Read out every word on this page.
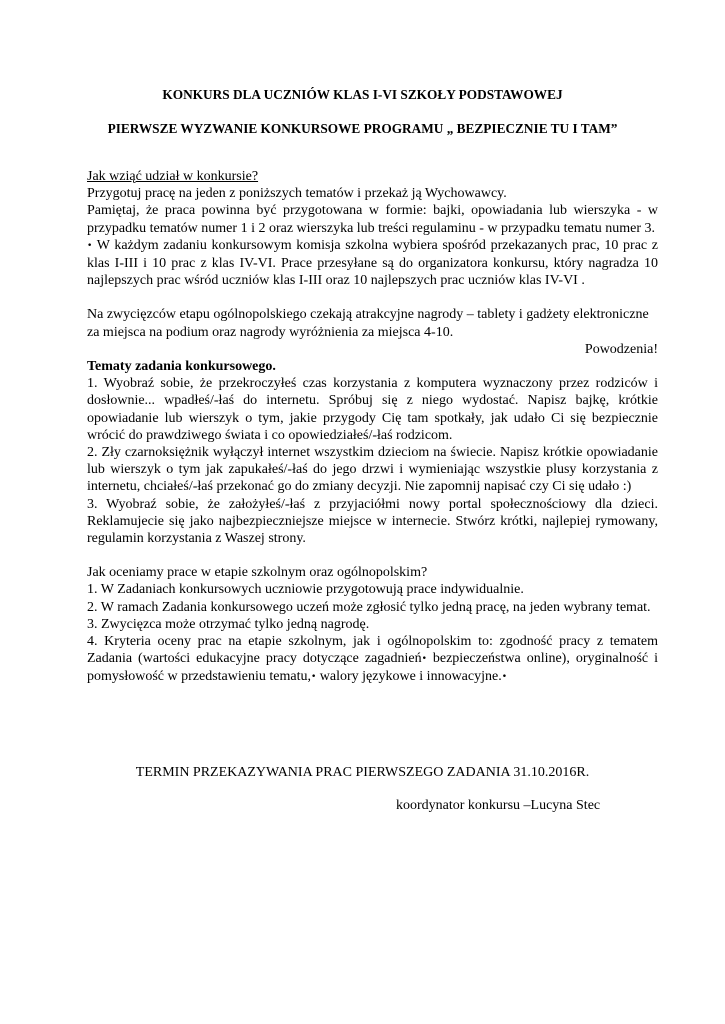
KONKURS DLA UCZNIÓW KLAS I-VI SZKOŁY PODSTAWOWEJ
PIERWSZE WYZWANIE KONKURSOWE PROGRAMU „ BEZPIECZNIE TU I TAM”

Jak wziąć udział w konkursie?

Przygotuj pracę na jeden z poniższych tematów i przekaż ją Wychowawcy.

Pamiętaj, że praca powinna być przygotowana w formie: bajki, opowiadania lub wierszyka - w przypadku tematów numer 1 i 2 oraz wierszyka lub treści regulaminu - w przypadku tematu numer 3.

• W każdym zadaniu konkursowym komisja szkolna wybiera spośród przekazanych prac, 10 prac z klas I-III i 10 prac z klas IV-VI. Prace przesyłane są do organizatora konkursu, który nagradza 10 najlepszych prac wśród uczniów klas I-III oraz 10 najlepszych prac uczniów klas IV-VI .

Na zwycięzców etapu ogólnopolskiego czekają atrakcyjne nagrody – tablety i gadżety elektroniczne za miejsca na podium oraz nagrody wyróżnienia za miejsca 4-10.

Powodzenia!

Tematy zadania konkursowego.

1. Wyobraź sobie, że przekroczyłeś czas korzystania z komputera wyznaczony przez rodziców i dosłownie... wpadłeś/-łaś do internetu. Spróbuj się z niego wydostać. Napisz bajkę, krótkie opowiadanie lub wierszyk o tym, jakie przygody Cię tam spotkały, jak udało Ci się bezpiecznie wrócić do prawdziwego świata i co opowiedziałeś/-łaś rodzicom.

2. Zły czarnoksiężnik wyłączył internet wszystkim dzieciom na świecie. Napisz krótkie opowiadanie lub wierszyk o tym jak zapukałeś/-łaś do jego drzwi i wymieniając wszystkie plusy korzystania z internetu, chciałeś/-łaś przekonać go do zmiany decyzji. Nie zapomnij napisać czy Ci się udało :)

3. Wyobraź sobie, że założyłeś/-łaś z przyjaciółmi nowy portal społecznościowy dla dzieci. Reklamujecie się jako najbezpieczniejsze miejsce w internecie. Stwórz krótki, najlepiej rymowany, regulamin korzystania z Waszej strony.

Jak oceniamy prace w etapie szkolnym oraz ogólnopolskim?

1. W Zadaniach konkursowych uczniowie przygotowują prace indywidualnie.

2. W ramach Zadania konkursowego uczeń może zgłosić tylko jedną pracę, na jeden wybrany temat.

3. Zwycięzca może otrzymać tylko jedną nagrodę.

4. Kryteria oceny prac na etapie szkolnym, jak i ogólnopolskim to: zgodność pracy z tematem Zadania (wartości edukacyjne pracy dotyczące zagadnień• bezpieczeństwa online), oryginalność i pomysłowość w przedstawieniu tematu,• walory językowe i innowacyjne.•

TERMIN PRZEKAZYWANIA PRAC PIERWSZEGO ZADANIA 31.10.2016R.
koordynator konkursu –Lucyna Stec
